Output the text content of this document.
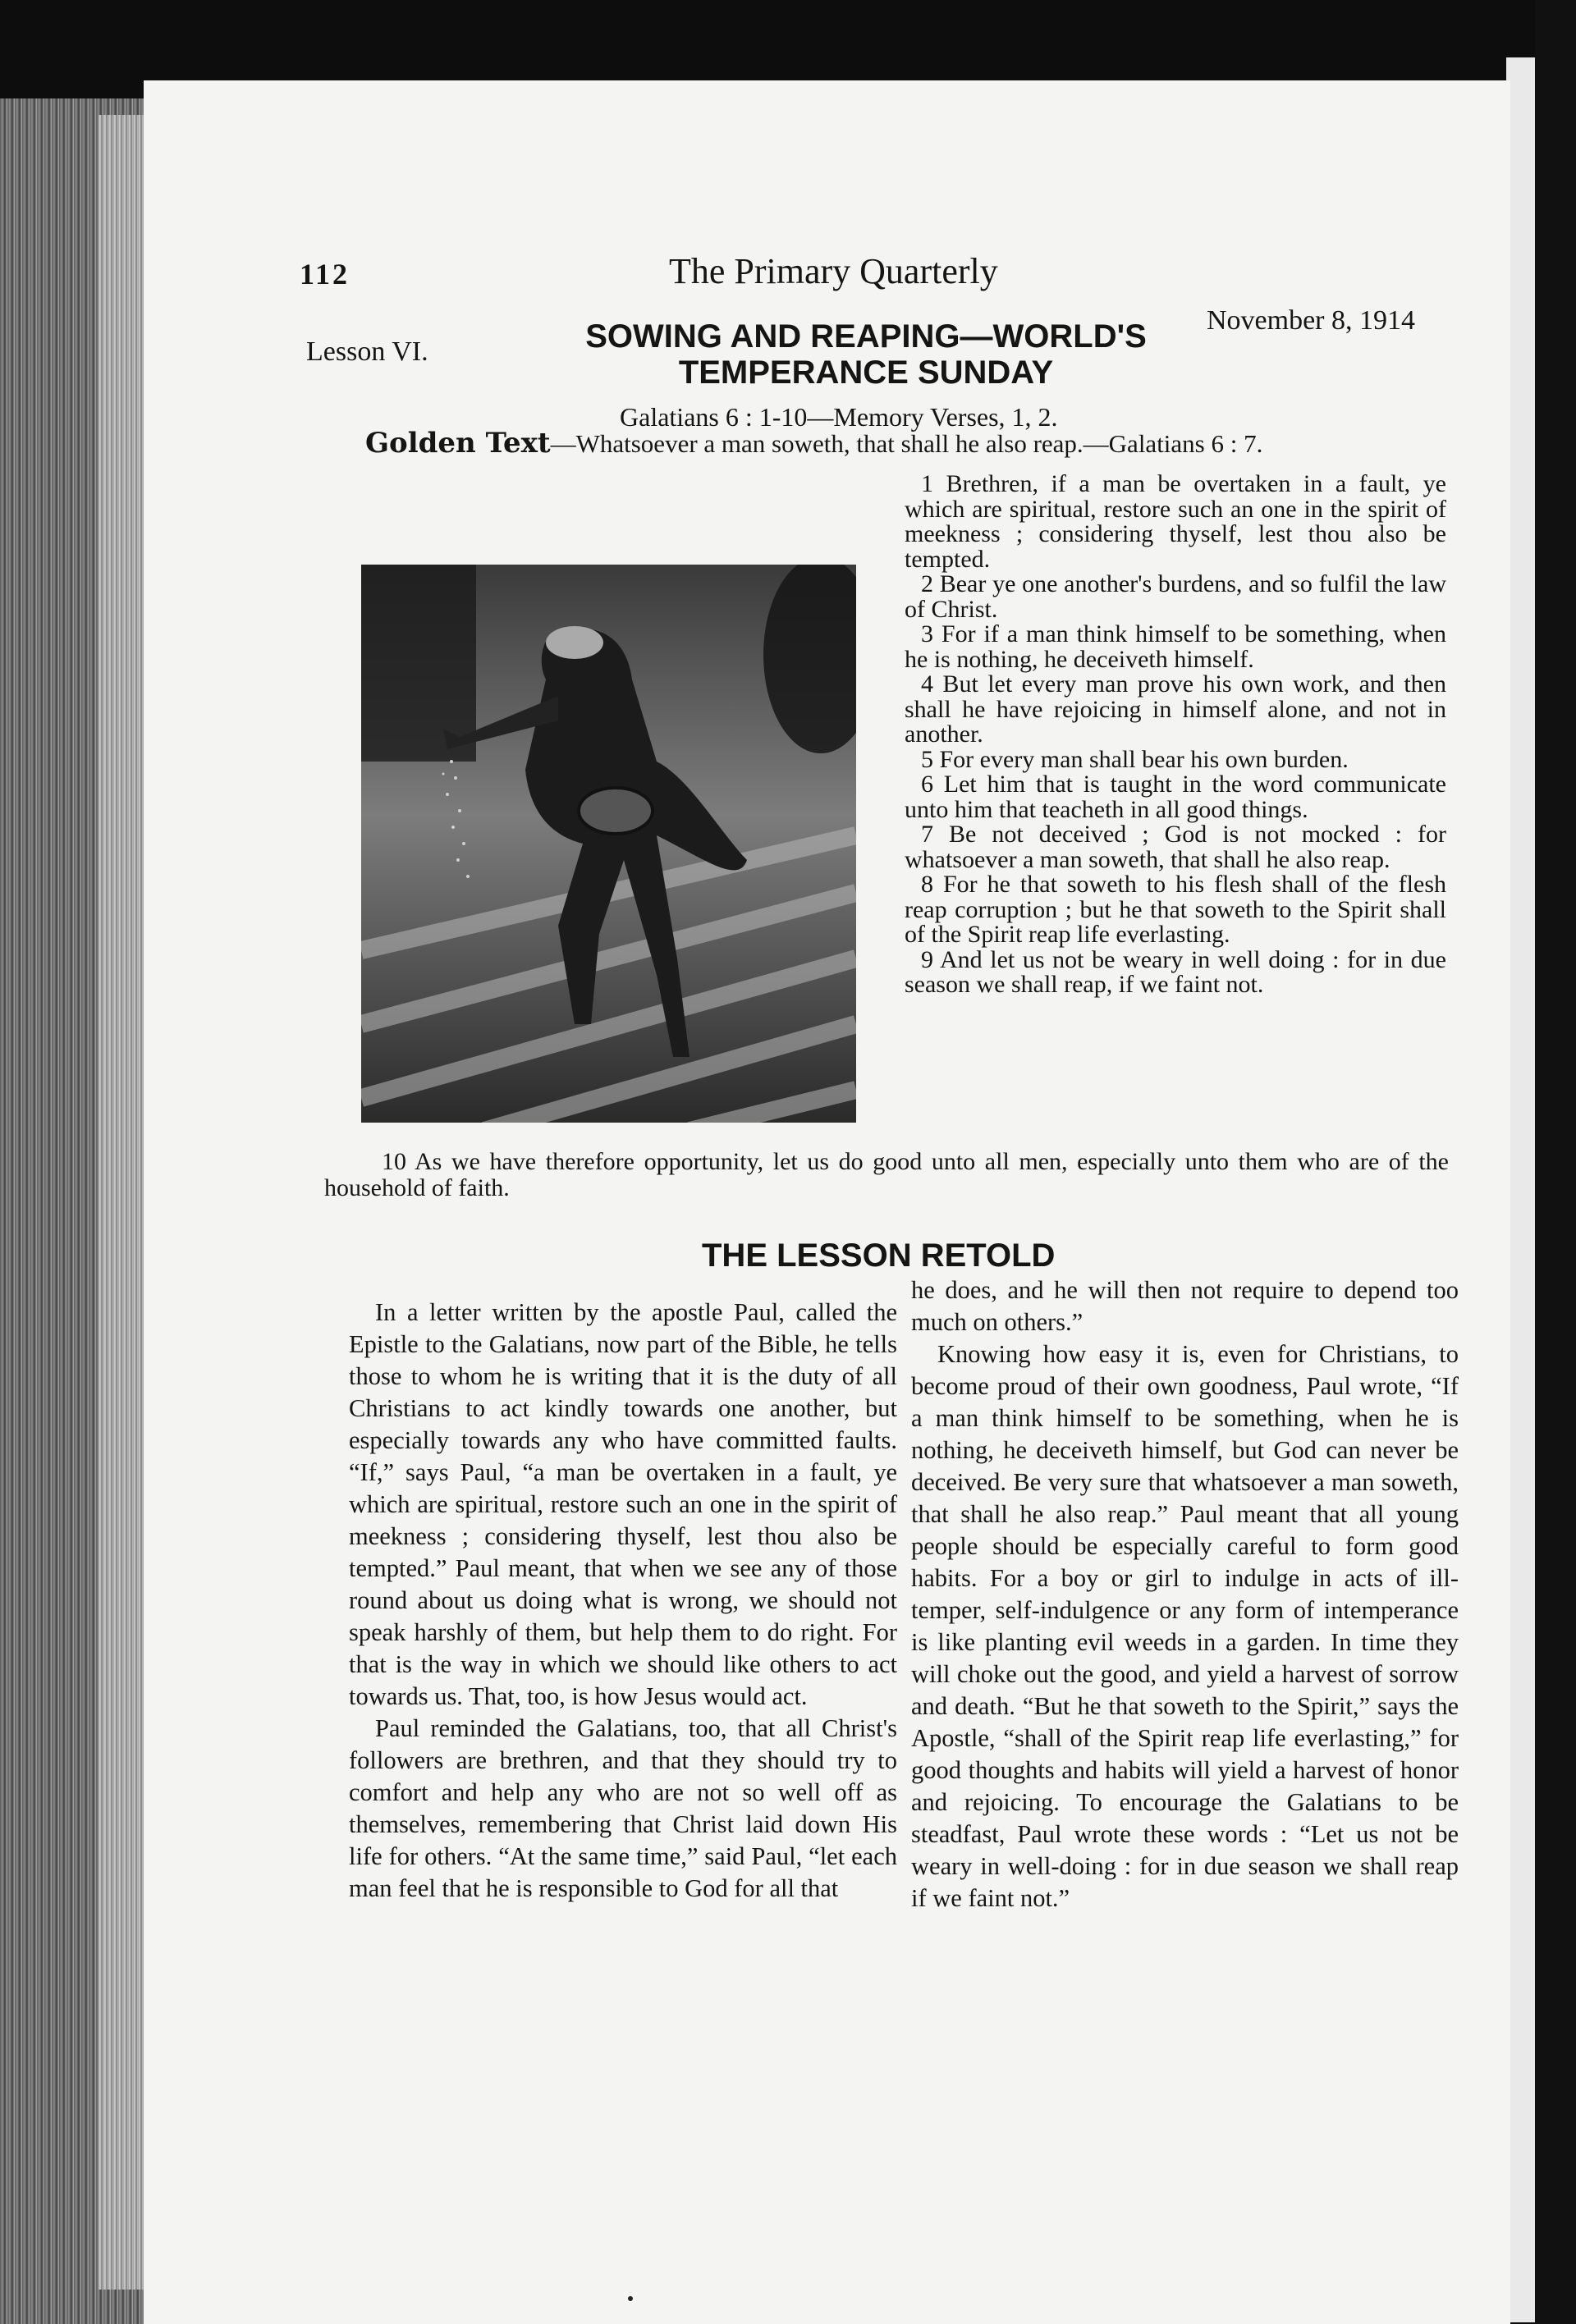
112	The Primary Quarterly
Lesson VI.	SOWING AND REAPING—WORLD'S
TEMPERANCE SUNDAY
November 8, 1914
Galatians 6 : 1-10—Memory Verses, 1, 2.
Golden Text—Whatsoever a man soweth, that shall he also reap.—Galatians 6 : 7.

1 Brethren, if a man be overtaken in a fault, ye which are spiritual, restore such an one in the spirit of meekness ; considering thyself, lest thou also be tempted.

2 Bear ye one another's burdens, and so fulfil the law of Christ.

3 For if a man think himself to be something, when he is nothing, he deceiveth himself.

4 But let every man prove his own work, and then shall he have rejoicing in himself alone, and not in another.

5 For every man shall bear his own burden.

6 Let him that is taught in the word communicate unto him that teacheth in all good things.

7 Be not deceived ; God is not mocked : for whatsoever a man soweth, that shall he also reap.

8 For he that soweth to his flesh shall of the flesh reap corruption ; but he that soweth to the Spirit shall of the Spirit reap life everlasting.

9 And let us not be weary in well doing : for in due season we shall reap, if we faint not.

10 As we have therefore opportunity, let us do good unto all men, especially unto them who are of the household of faith.

THE LESSON RETOLD

In a letter written by the apostle Paul, called the Epistle to the Galatians, now part of the Bible, he tells those to whom he is writing that it is the duty of all Christians to act kindly towards one another, but especially towards any who have committed faults. “If,” says Paul, “a man be overtaken in a fault, ye which are spiritual, restore such an one in the spirit of meekness ; considering thyself, lest thou also be tempted.” Paul meant, that when we see any of those round about us doing what is wrong, we should not speak harshly of them, but help them to do right. For that is the way in which we should like others to act towards us. That, too, is how Jesus would act.

Paul reminded the Galatians, too, that all Christ's followers are brethren, and that they should try to comfort and help any who are not so well off as themselves, remembering that Christ laid down His life for others. “At the same time,” said Paul, “let each man feel that he is responsible to God for all that

he does, and he will then not require to depend too much on others.”

Knowing how easy it is, even for Christians, to become proud of their own goodness, Paul wrote, “If a man think himself to be something, when he is nothing, he deceiveth himself, but God can never be deceived. Be very sure that whatsoever a man soweth, that shall he also reap.” Paul meant that all young people should be especially careful to form good habits. For a boy or girl to indulge in acts of ill-temper, self-indulgence or any form of intemperance is like planting evil weeds in a garden. In time they will choke out the good, and yield a harvest of sorrow and death. “But he that soweth to the Spirit,” says the Apostle, “shall of the Spirit reap life everlasting,” for good thoughts and habits will yield a harvest of honor and rejoicing. To encourage the Galatians to be steadfast, Paul wrote these words : “Let us not be weary in well-doing : for in due season we shall reap if we faint not.”
